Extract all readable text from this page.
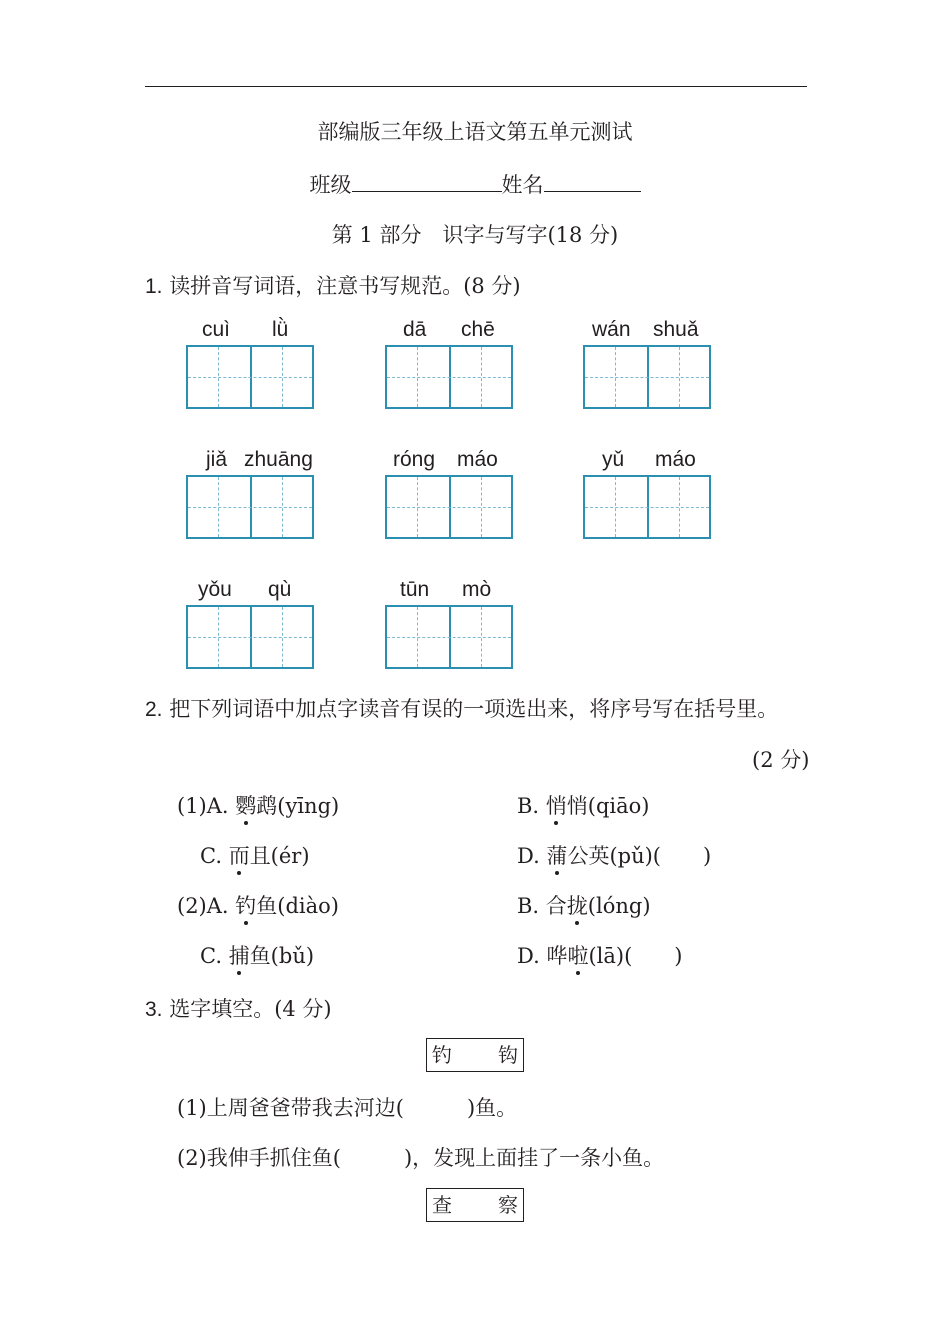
部编版三年级上语文第五单元测试
班级	姓名
第 1 部分　识字与写字(18 分)
1. 读拼音写词语，注意书写规范。(8 分)
cuì lǜ	dā chē	wán shuǎ
jiǎ zhuāng	róng máo	yǔ máo
yǒu qù	tūn mò
2. 把下列词语中加点字读音有误的一项选出来，将序号写在括号里。
(2 分)
(1)A. 鹦鹉(yīng)	B. 悄悄(qiāo)
C. 而且(ér)	D. 蒲公英(pǔ)(　　)
(2)A. 钓鱼(diào)	B. 合拢(lóng)
C. 捕鱼(bǔ)	D. 哗啦(lā)(　　)
3. 选字填空。(4 分)
钓 钩
(1)上周爸爸带我去河边(　　　)鱼。
(2)我伸手抓住鱼(　　　)，发现上面挂了一条小鱼。
查 察
